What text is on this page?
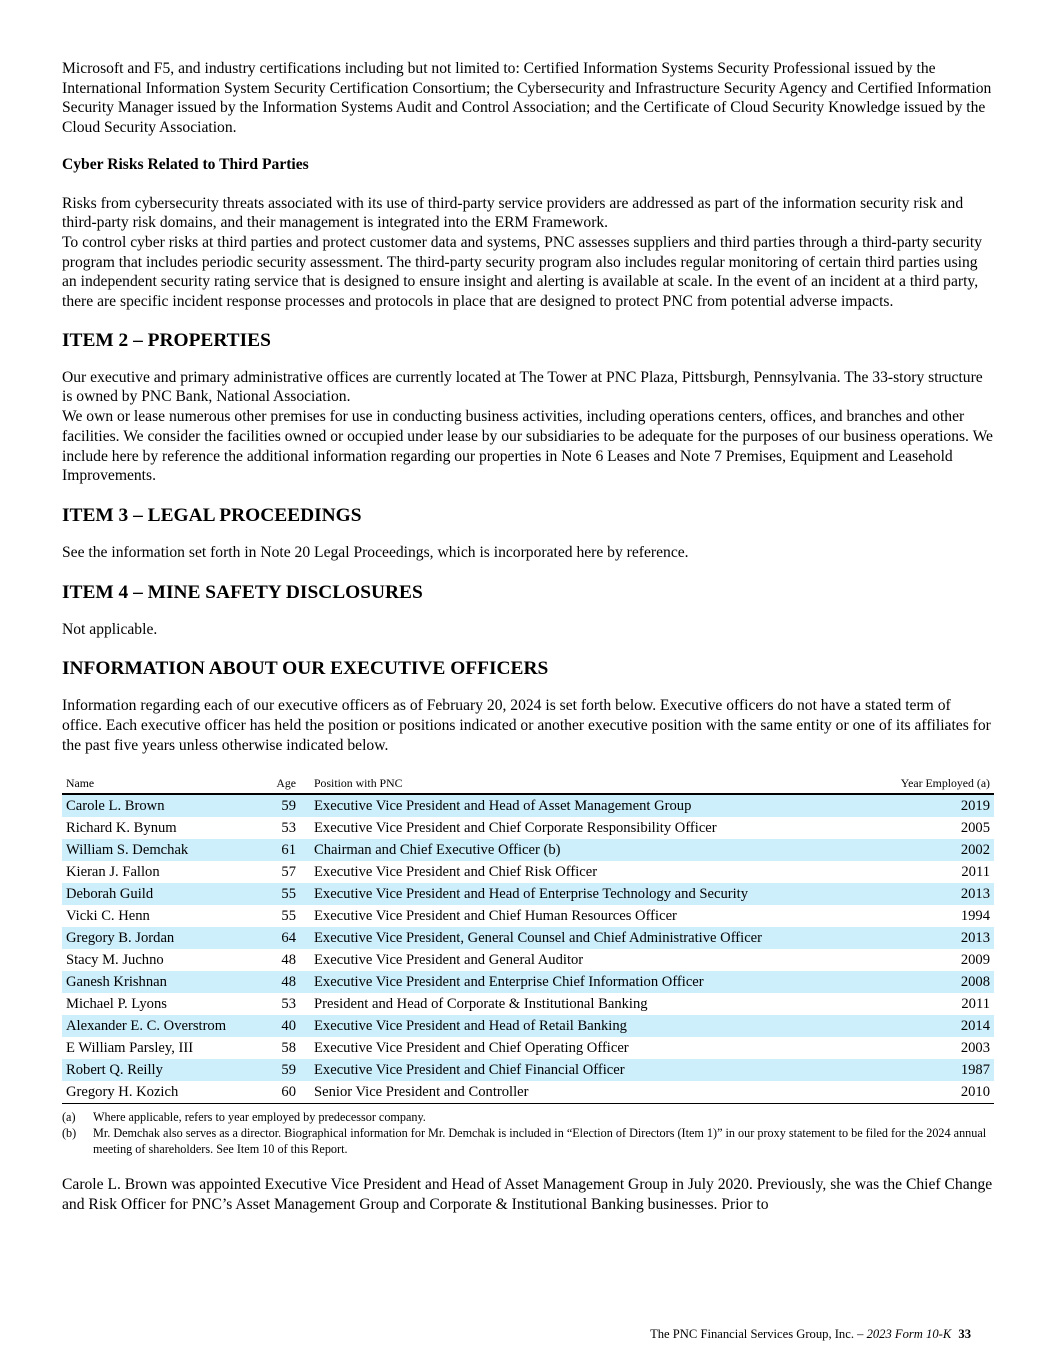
Microsoft and F5, and industry certifications including but not limited to: Certified Information Systems Security Professional issued by the International Information System Security Certification Consortium; the Cybersecurity and Infrastructure Security Agency and Certified Information Security Manager issued by the Information Systems Audit and Control Association; and the Certificate of Cloud Security Knowledge issued by the Cloud Security Association.

Cyber Risks Related to Third Parties

Risks from cybersecurity threats associated with its use of third-party service providers are addressed as part of the information security risk and third-party risk domains, and their management is integrated into the ERM Framework.

To control cyber risks at third parties and protect customer data and systems, PNC assesses suppliers and third parties through a third-party security program that includes periodic security assessment. The third-party security program also includes regular monitoring of certain third parties using an independent security rating service that is designed to ensure insight and alerting is available at scale. In the event of an incident at a third party, there are specific incident response processes and protocols in place that are designed to protect PNC from potential adverse impacts.

ITEM 2 – PROPERTIES

Our executive and primary administrative offices are currently located at The Tower at PNC Plaza, Pittsburgh, Pennsylvania. The 33-story structure is owned by PNC Bank, National Association.

We own or lease numerous other premises for use in conducting business activities, including operations centers, offices, and branches and other facilities. We consider the facilities owned or occupied under lease by our subsidiaries to be adequate for the purposes of our business operations. We include here by reference the additional information regarding our properties in Note 6 Leases and Note 7 Premises, Equipment and Leasehold Improvements.

ITEM 3 – LEGAL PROCEEDINGS

See the information set forth in Note 20 Legal Proceedings, which is incorporated here by reference.

ITEM 4 – MINE SAFETY DISCLOSURES

Not applicable.

INFORMATION ABOUT OUR EXECUTIVE OFFICERS

Information regarding each of our executive officers as of February 20, 2024 is set forth below. Executive officers do not have a stated term of office. Each executive officer has held the position or positions indicated or another executive position with the same entity or one of its affiliates for the past five years unless otherwise indicated below.

Name	Age	Position with PNC	Year Employed (a)
Carole L. Brown	59	Executive Vice President and Head of Asset Management Group	2019
Richard K. Bynum	53	Executive Vice President and Chief Corporate Responsibility Officer	2005
William S. Demchak	61	Chairman and Chief Executive Officer (b)	2002
Kieran J. Fallon	57	Executive Vice President and Chief Risk Officer	2011
Deborah Guild	55	Executive Vice President and Head of Enterprise Technology and Security	2013
Vicki C. Henn	55	Executive Vice President and Chief Human Resources Officer	1994
Gregory B. Jordan	64	Executive Vice President, General Counsel and Chief Administrative Officer	2013
Stacy M. Juchno	48	Executive Vice President and General Auditor	2009
Ganesh Krishnan	48	Executive Vice President and Enterprise Chief Information Officer	2008
Michael P. Lyons	53	President and Head of Corporate & Institutional Banking	2011
Alexander E. C. Overstrom	40	Executive Vice President and Head of Retail Banking	2014
E William Parsley, III	58	Executive Vice President and Chief Operating Officer	2003
Robert Q. Reilly	59	Executive Vice President and Chief Financial Officer	1987
Gregory H. Kozich	60	Senior Vice President and Controller	2010
(a)	Where applicable, refers to year employed by predecessor company.
(b)	Mr. Demchak also serves as a director. Biographical information for Mr. Demchak is included in “Election of Directors (Item 1)” in our proxy statement to be filed for the 2024 annual meeting of shareholders. See Item 10 of this Report.

Carole L. Brown was appointed Executive Vice President and Head of Asset Management Group in July 2020. Previously, she was the Chief Change and Risk Officer for PNC’s Asset Management Group and Corporate & Institutional Banking businesses. Prior to

The PNC Financial Services Group, Inc. – 2023 Form 10-K 33
